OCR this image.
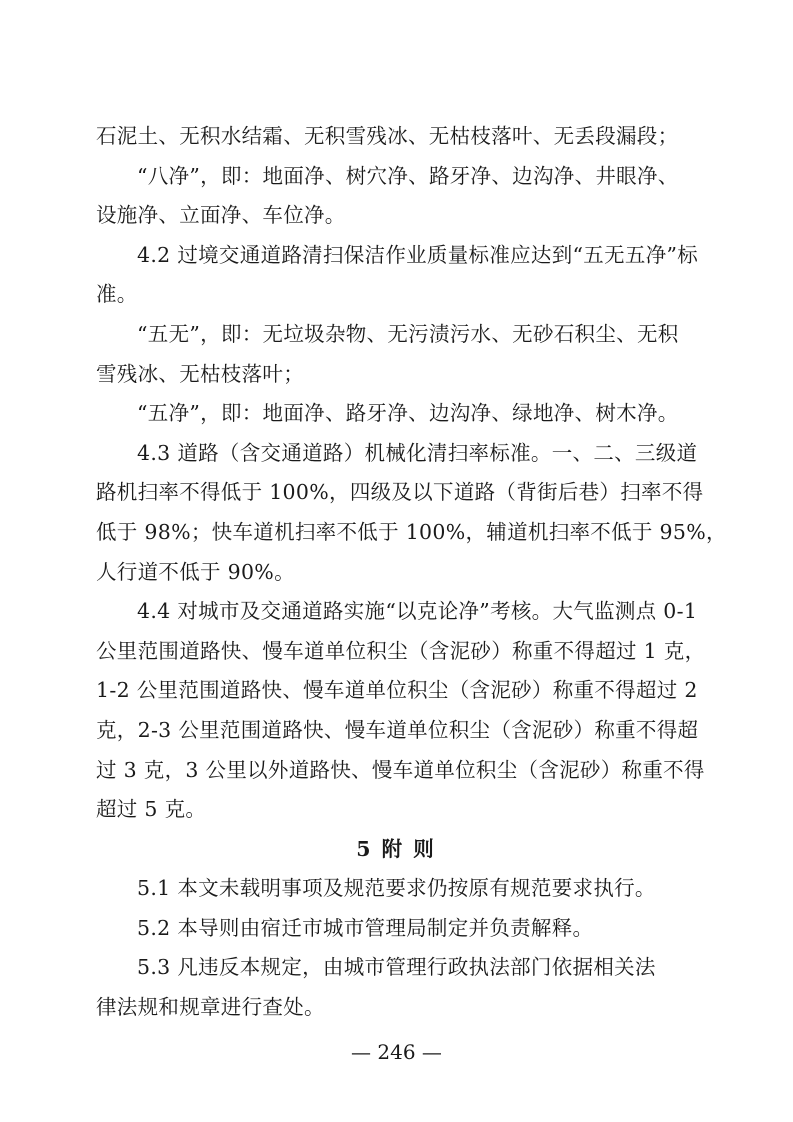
石泥土、无积水结霜、无积雪残冰、无枯枝落叶、无丢段漏段；
“八净”，即：地面净、树穴净、路牙净、边沟净、井眼净、
设施净、立面净、车位净。
4.2 过境交通道路清扫保洁作业质量标准应达到“五无五净”标
准。
“五无”，即：无垃圾杂物、无污渍污水、无砂石积尘、无积
雪残冰、无枯枝落叶；
“五净”，即：地面净、路牙净、边沟净、绿地净、树木净。
4.3 道路（含交通道路）机械化清扫率标准。一、二、三级道
路机扫率不得低于 100%，四级及以下道路（背街后巷）扫率不得
低于 98%；快车道机扫率不低于 100%，辅道机扫率不低于 95%，
人行道不低于 90%。
4.4 对城市及交通道路实施“以克论净”考核。大气监测点 0-1
公里范围道路快、慢车道单位积尘（含泥砂）称重不得超过 1 克，
1-2 公里范围道路快、慢车道单位积尘（含泥砂）称重不得超过 2
克，2-3 公里范围道路快、慢车道单位积尘（含泥砂）称重不得超
过 3 克，3 公里以外道路快、慢车道单位积尘（含泥砂）称重不得
超过 5 克。
5 附 则
5.1 本文未载明事项及规范要求仍按原有规范要求执行。
5.2 本导则由宿迁市城市管理局制定并负责解释。
5.3 凡违反本规定，由城市管理行政执法部门依据相关法
律法规和规章进行查处。
— 246 —
